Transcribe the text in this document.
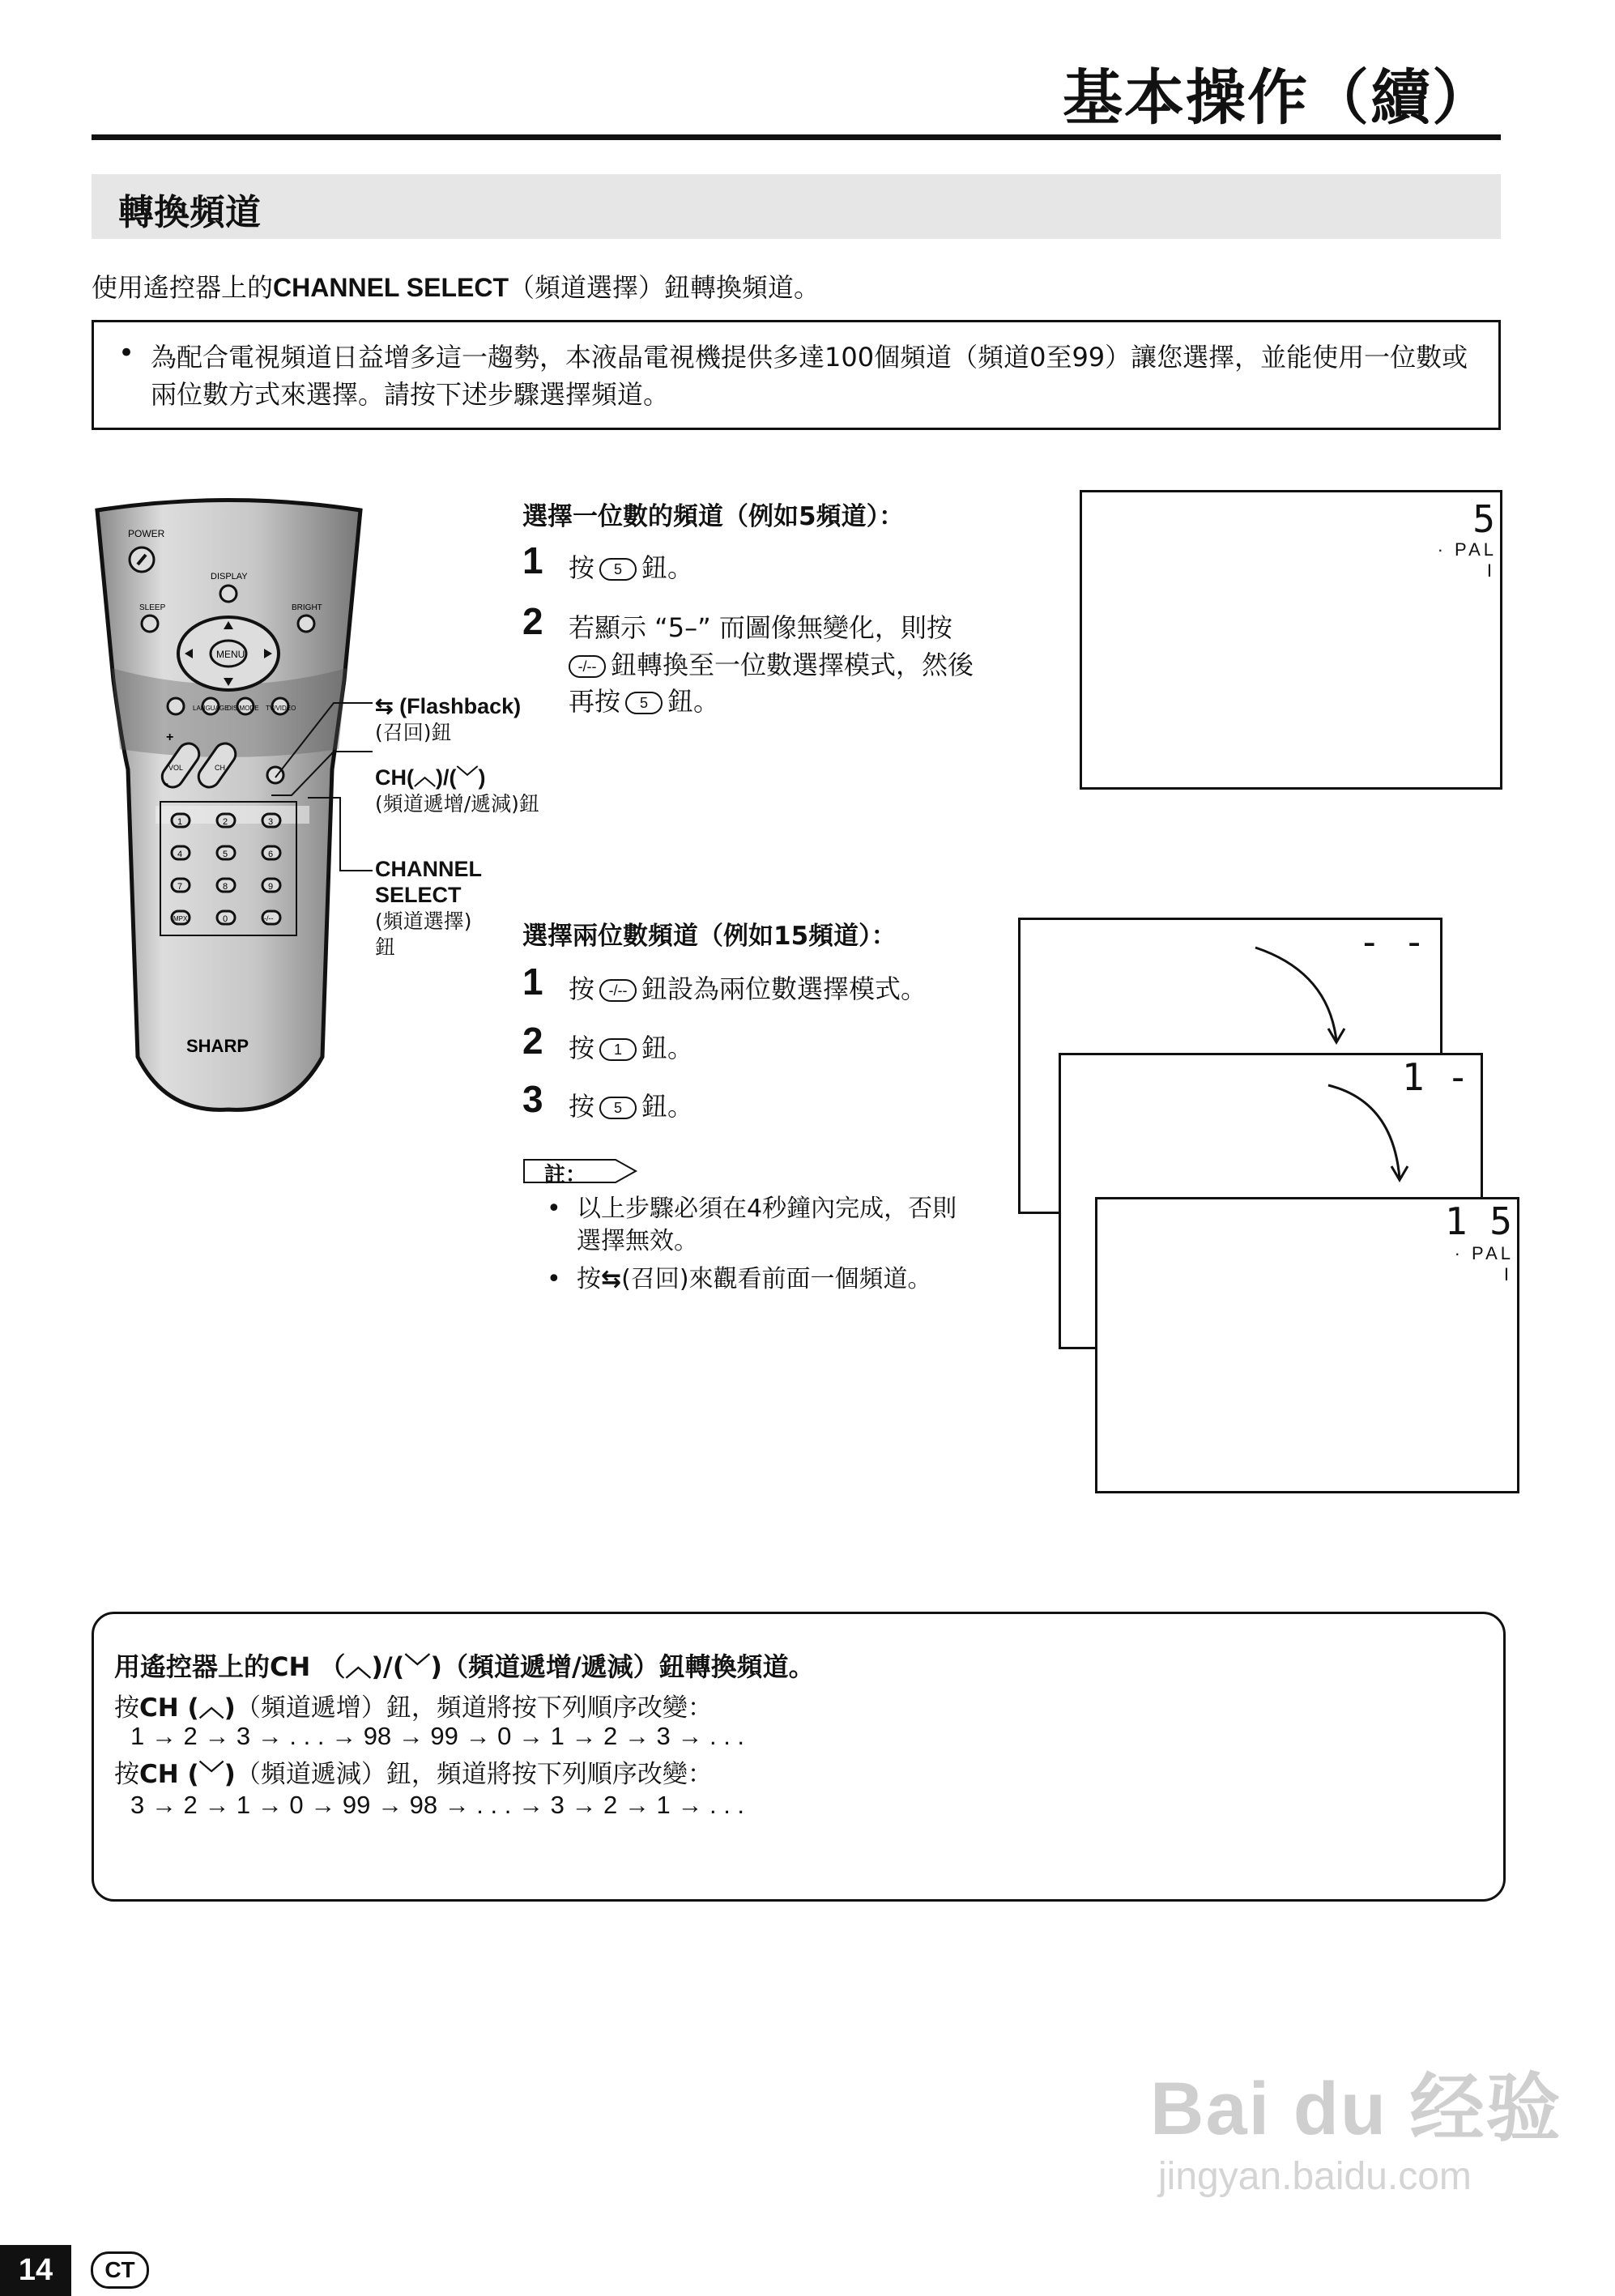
基本操作（續）
轉換頻道
使用遙控器上的CHANNEL SELECT（頻道選擇）鈕轉換頻道。
• 為配合電視頻道日益增多這一趨勢，本液晶電視機提供多達100個頻道（頻道0至99）讓您選擇，並能使用一位數或兩位數方式來選擇。請按下述步驟選擇頻道。
POWER
DISPLAY
SLEEP	BRIGHT
MENU
LANGUAGE
DIS.MODE TV/VIDEO
+
-
VOL	CH
1	2	3
4	5	6
7	8	9
MPX	0	-/--
SHARP
⇆ (Flashback)
(召回)鈕
CH(︿)/(﹀)
(頻道遞增/遞減)鈕
CHANNEL
SELECT
(頻道選擇)
鈕
選擇一位數的頻道（例如5頻道）：
1 按 5 鈕。
2 若顯示 “5–” 而圖像無變化，則按
-/-- 鈕轉換至一位數選擇模式，然後
再按 5 鈕。
5
· PAL
I
選擇兩位數頻道（例如15頻道）：
1 按 -/-- 鈕設為兩位數選擇模式。
2 按 1 鈕。
3 按 5 鈕。
註：
• 以上步驟必須在4秒鐘內完成，否則
選擇無效。
• 按⇆(召回)來觀看前面一個頻道。
- -
1 -
1 5
· PAL
I
用遙控器上的CH （︿)/(﹀)（頻道遞增/遞減）鈕轉換頻道。
按CH (︿)（頻道遞增）鈕，頻道將按下列順序改變：
1 → 2 → 3 → . . . → 98 → 99 → 0 → 1 → 2 → 3 → . . .
按CH (﹀)（頻道遞減）鈕，頻道將按下列順序改變：
3 → 2 → 1 → 0 → 99 → 98 → . . . → 3 → 2 → 1 → . . .
Bai du 经验
jingyan.baidu.com
14	CT
